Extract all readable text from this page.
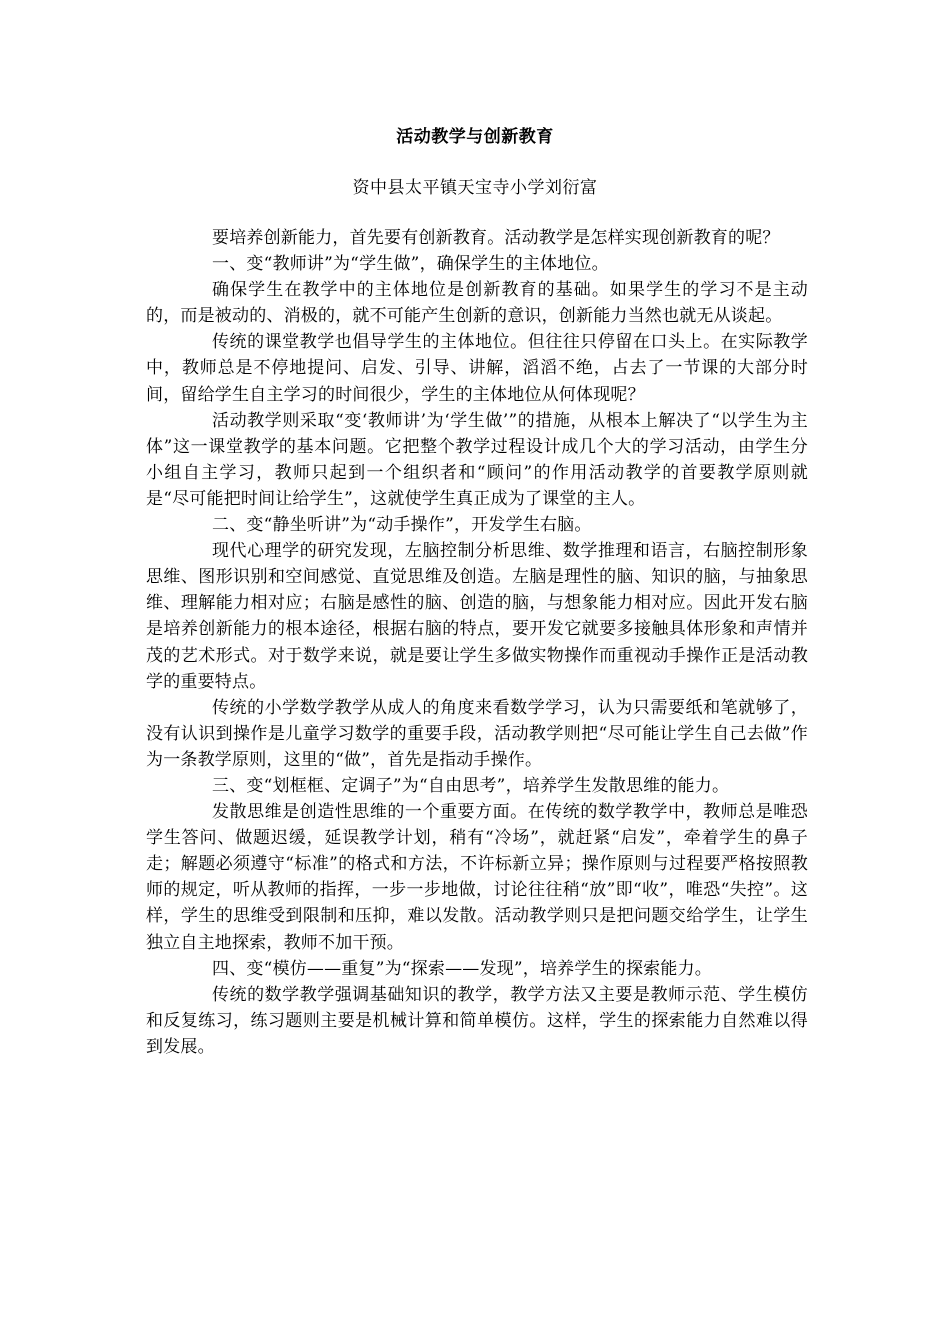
活动教学与创新教育
资中县太平镇天宝寺小学刘衍富

要培养创新能力，首先要有创新教育。活动教学是怎样实现创新教育的呢？

一、变“教师讲”为“学生做”，确保学生的主体地位。

确保学生在教学中的主体地位是创新教育的基础。如果学生的学习不是主动的，而是被动的、消极的，就不可能产生创新的意识，创新能力当然也就无从谈起。

传统的课堂教学也倡导学生的主体地位。但往往只停留在口头上。在实际教学中，教师总是不停地提问、启发、引导、讲解，滔滔不绝，占去了一节课的大部分时间，留给学生自主学习的时间很少，学生的主体地位从何体现呢？

活动教学则采取“变‘教师讲’为‘学生做’”的措施，从根本上解决了“以学生为主体”这一课堂教学的基本问题。它把整个教学过程设计成几个大的学习活动，由学生分小组自主学习，教师只起到一个组织者和“顾问”的作用活动教学的首要教学原则就是“尽可能把时间让给学生”，这就使学生真正成为了课堂的主人。

二、变“静坐听讲”为“动手操作”，开发学生右脑。

现代心理学的研究发现，左脑控制分析思维、数学推理和语言，右脑控制形象思维、图形识别和空间感觉、直觉思维及创造。左脑是理性的脑、知识的脑，与抽象思维、理解能力相对应；右脑是感性的脑、创造的脑，与想象能力相对应。因此开发右脑是培养创新能力的根本途径，根据右脑的特点，要开发它就要多接触具体形象和声情并茂的艺术形式。对于数学来说，就是要让学生多做实物操作而重视动手操作正是活动教学的重要特点。

传统的小学数学教学从成人的角度来看数学学习，认为只需要纸和笔就够了，没有认识到操作是儿童学习数学的重要手段，活动教学则把“尽可能让学生自己去做”作为一条教学原则，这里的“做”，首先是指动手操作。

三、变“划框框、定调子”为“自由思考”，培养学生发散思维的能力。

发散思维是创造性思维的一个重要方面。在传统的数学教学中，教师总是唯恐学生答问、做题迟缓，延误教学计划，稍有“冷场”，就赶紧“启发”，牵着学生的鼻子走；解题必须遵守“标准”的格式和方法，不许标新立异；操作原则与过程要严格按照教师的规定，听从教师的指挥，一步一步地做，讨论往往稍“放”即“收”，唯恐“失控”。这样，学生的思维受到限制和压抑，难以发散。活动教学则只是把问题交给学生，让学生独立自主地探索，教师不加干预。

四、变“模仿——重复”为“探索——发现”，培养学生的探索能力。

传统的数学教学强调基础知识的教学，教学方法又主要是教师示范、学生模仿和反复练习，练习题则主要是机械计算和简单模仿。这样，学生的探索能力自然难以得到发展。
